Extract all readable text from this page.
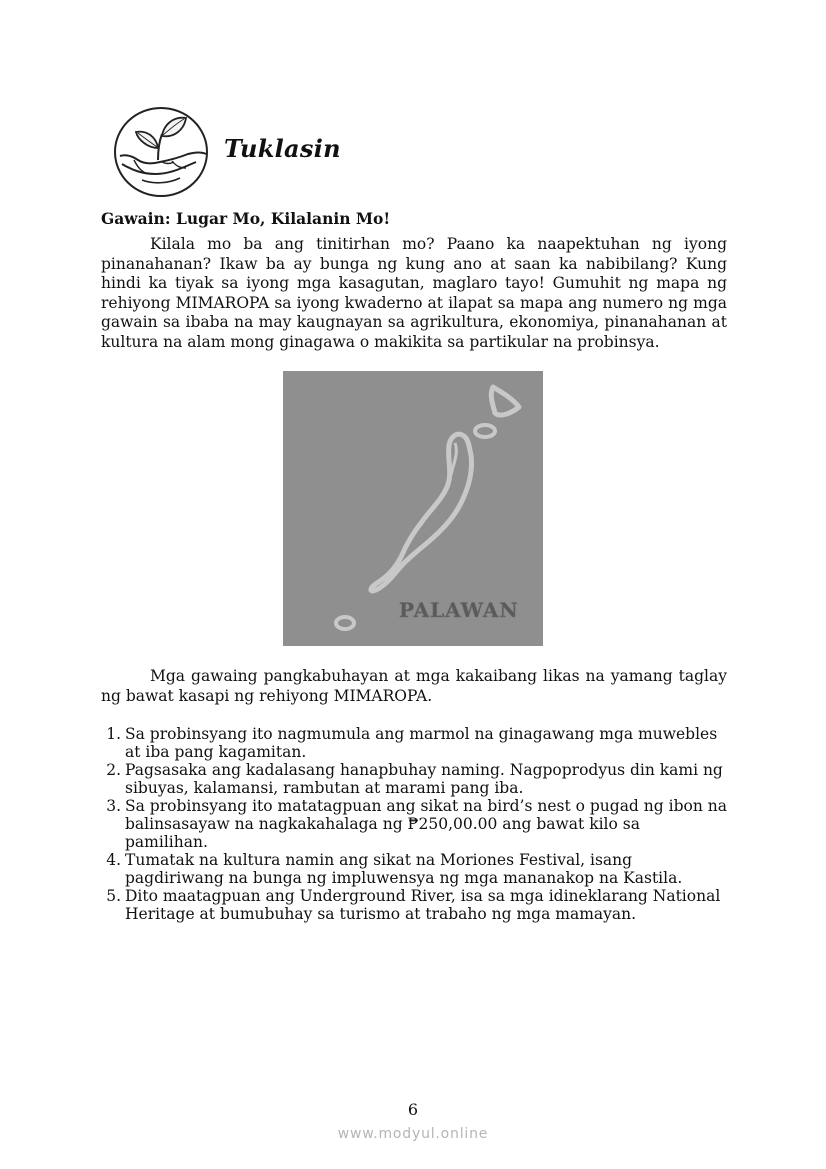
Tuklasin
Gawain: Lugar Mo, Kilalanin Mo!

Kilala mo ba ang tinitirhan mo? Paano ka naapektuhan ng iyong pinanahanan? Ikaw ba ay bunga ng kung ano at saan ka nabibilang? Kung hindi ka tiyak sa iyong mga kasagutan, maglaro tayo! Gumuhit ng mapa ng rehiyong MIMAROPA sa iyong kwaderno at ilapat sa mapa ang numero ng mga gawain sa ibaba na may kaugnayan sa agrikultura, ekonomiya, pinanahanan at kultura na alam mong ginagawa o makikita sa partikular na probinsya.

PALAWAN

Mga gawaing pangkabuhayan at mga kakaibang likas na yamang taglay ng bawat kasapi ng rehiyong MIMAROPA.

1. Sa probinsyang ito nagmumula ang marmol na ginagawang mga muwebles at iba pang kagamitan.
2. Pagsasaka ang kadalasang hanapbuhay naming. Nagpoprodyus din kami ng sibuyas, kalamansi, rambutan at marami pang iba.
3. Sa probinsyang ito matatagpuan ang sikat na bird’s nest o pugad ng ibon na balinsasayaw na nagkakahalaga ng ₱250,00.00 ang bawat kilo sa pamilihan.
4. Tumatak na kultura namin ang sikat na Moriones Festival, isang pagdiriwang na bunga ng impluwensya ng mga mananakop na Kastila.
5. Dito maatagpuan ang Underground River, isa sa mga idineklarang National Heritage at bumubuhay sa turismo at trabaho ng mga mamayan.
6
www.modyul.online
